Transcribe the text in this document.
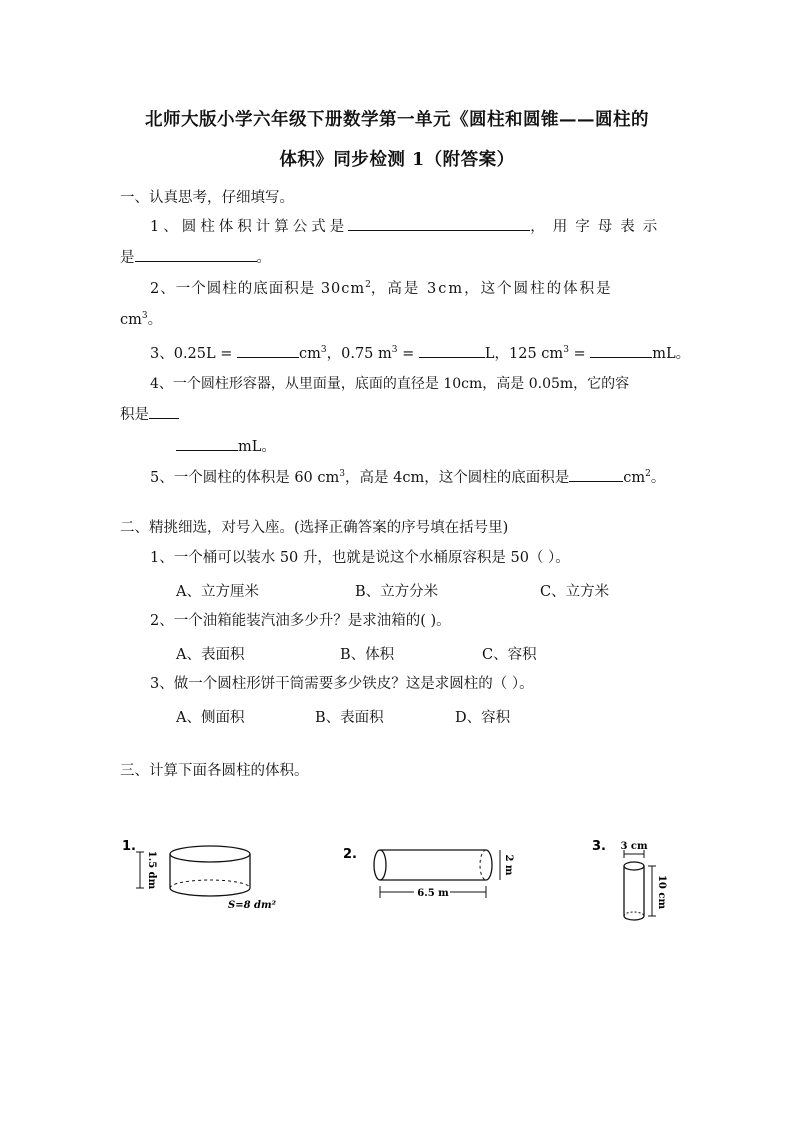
北师大版小学六年级下册数学第一单元《圆柱和圆锥——圆柱的
体积》同步检测 1（附答案）
一、认真思考，仔细填写。
1、圆柱体积计算公式是	，用字母表示
是	。
2、一个圆柱的底面积是 $30cm^2$，高是 3cm，这个圆柱的体积是
$cm^3$。
3、0.25L =	$cm^3$，0.75 $m^3$ =	L，125 $cm^3$ =	mL。
4、一个圆柱形容器，从里面量，底面的直径是 10cm，高是 0.05m，它的容
积是
mL。
5、一个圆柱的体积是 60 $cm^3$，高是 4cm，这个圆柱的底面积是	$cm^2$。
二、精挑细选，对号入座。(选择正确答案的序号填在括号里)
1、一个桶可以装水 50 升，也就是说这个水桶原容积是 50（ ）。
A、立方厘米	B、立方分米	C、立方米
2、一个油箱能装汽油多少升？是求油箱的( )。
A、表面积	B、体积	C、容积
3、做一个圆柱形饼干筒需要多少铁皮？这是求圆柱的（ ）。
A、侧面积	B、表面积	D、容积
三、计算下面各圆柱的体积。
1.
1.5 dm
S=8 dm²
2.	2 m
6.5 m
3. 3 cm
10 cm
